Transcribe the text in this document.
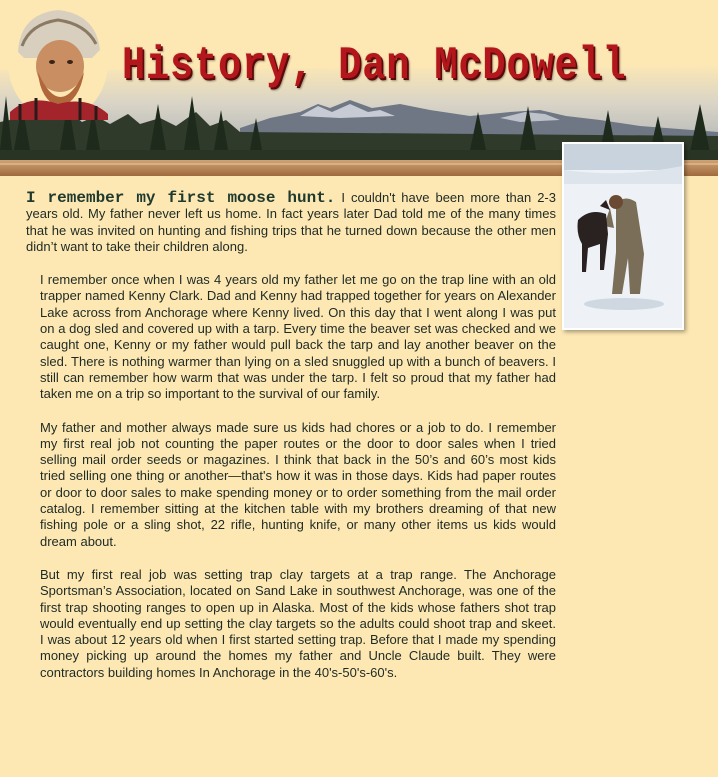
History, Dan McDowell

I remember my first moose hunt. I couldn't have been more than 2-3 years old. My father never left us home. In fact years later Dad told me of the many times that he was invited on hunting and fishing trips that he turned down because the other men didn’t want to take their children along.

I remember once when I was 4 years old my father let me go on the trap line with an old trapper named Kenny Clark. Dad and Kenny had trapped together for years on Alexander Lake across from Anchorage where Kenny lived. On this day that I went along I was put on a dog sled and covered up with a tarp. Every time the beaver set was checked and we caught one, Kenny or my father would pull back the tarp and lay another beaver on the sled. There is nothing warmer than lying on a sled snuggled up with a bunch of beavers. I still can remember how warm that was under the tarp. I felt so proud that my father had taken me on a trip so important to the survival of our family.

My father and mother always made sure us kids had chores or a job to do. I remember my first real job not counting the paper routes or the door to door sales when I tried selling mail order seeds or magazines. I think that back in the 50’s and 60’s most kids tried selling one thing or another—that's how it was in those days. Kids had paper routes or door to door sales to make spending money or to order something from the mail order catalog. I remember sitting at the kitchen table with my brothers dreaming of that new fishing pole or a sling shot, 22 rifle, hunting knife, or many other items us kids would dream about.

But my first real job was setting trap clay targets at a trap range. The Anchorage Sportsman’s Association, located on Sand Lake in southwest Anchorage, was one of the first trap shooting ranges to open up in Alaska. Most of the kids whose fathers shot trap would eventually end up setting the clay targets so the adults could shoot trap and skeet. I was about 12 years old when I first started setting trap. Before that I made my spending money picking up around the homes my father and Uncle Claude built. They were contractors building homes In Anchorage in the 40's-50's-60's.
